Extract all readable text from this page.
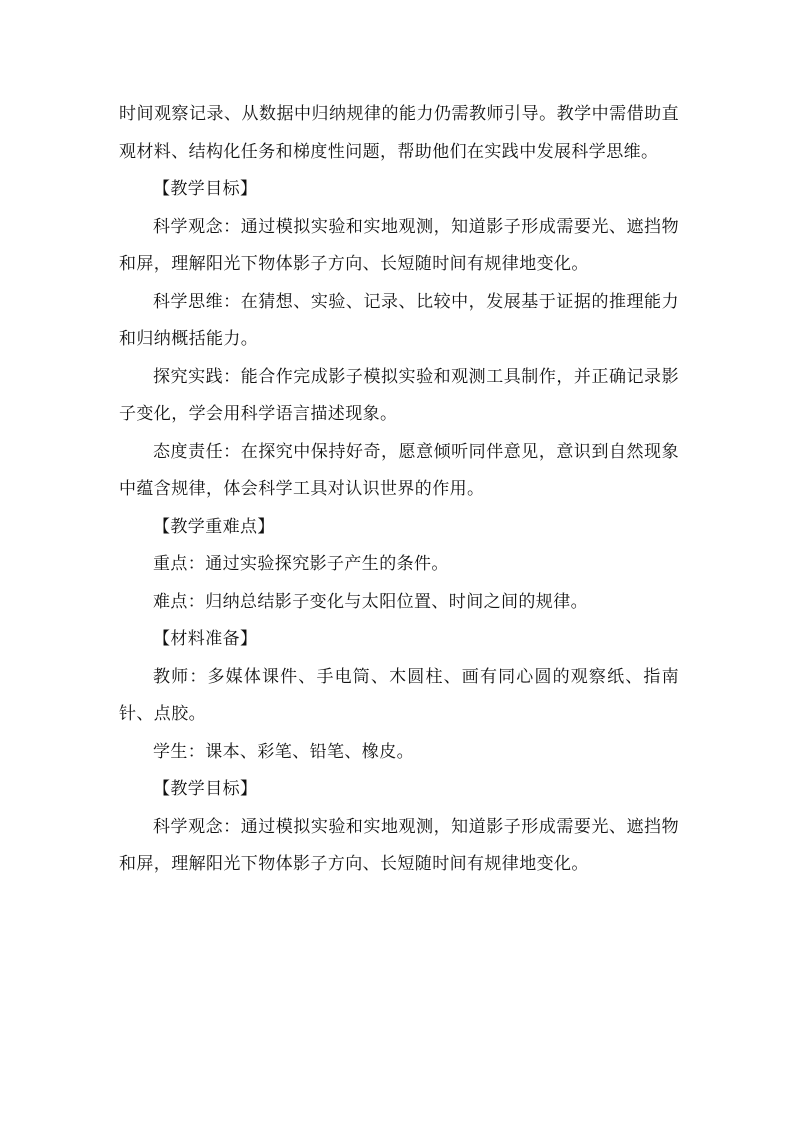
时间观察记录、从数据中归纳规律的能力仍需教师引导。教学中需借助直观材料、结构化任务和梯度性问题，帮助他们在实践中发展科学思维。

【教学目标】

科学观念：通过模拟实验和实地观测，知道影子形成需要光、遮挡物和屏，理解阳光下物体影子方向、长短随时间有规律地变化。

科学思维：在猜想、实验、记录、比较中，发展基于证据的推理能力和归纳概括能力。

探究实践：能合作完成影子模拟实验和观测工具制作，并正确记录影子变化，学会用科学语言描述现象。

态度责任：在探究中保持好奇，愿意倾听同伴意见，意识到自然现象中蕴含规律，体会科学工具对认识世界的作用。

【教学重难点】

重点：通过实验探究影子产生的条件。

难点：归纳总结影子变化与太阳位置、时间之间的规律。

【材料准备】

教师：多媒体课件、手电筒、木圆柱、画有同心圆的观察纸、指南针、点胶。

学生：课本、彩笔、铅笔、橡皮。

【教学目标】

科学观念：通过模拟实验和实地观测，知道影子形成需要光、遮挡物和屏，理解阳光下物体影子方向、长短随时间有规律地变化。
